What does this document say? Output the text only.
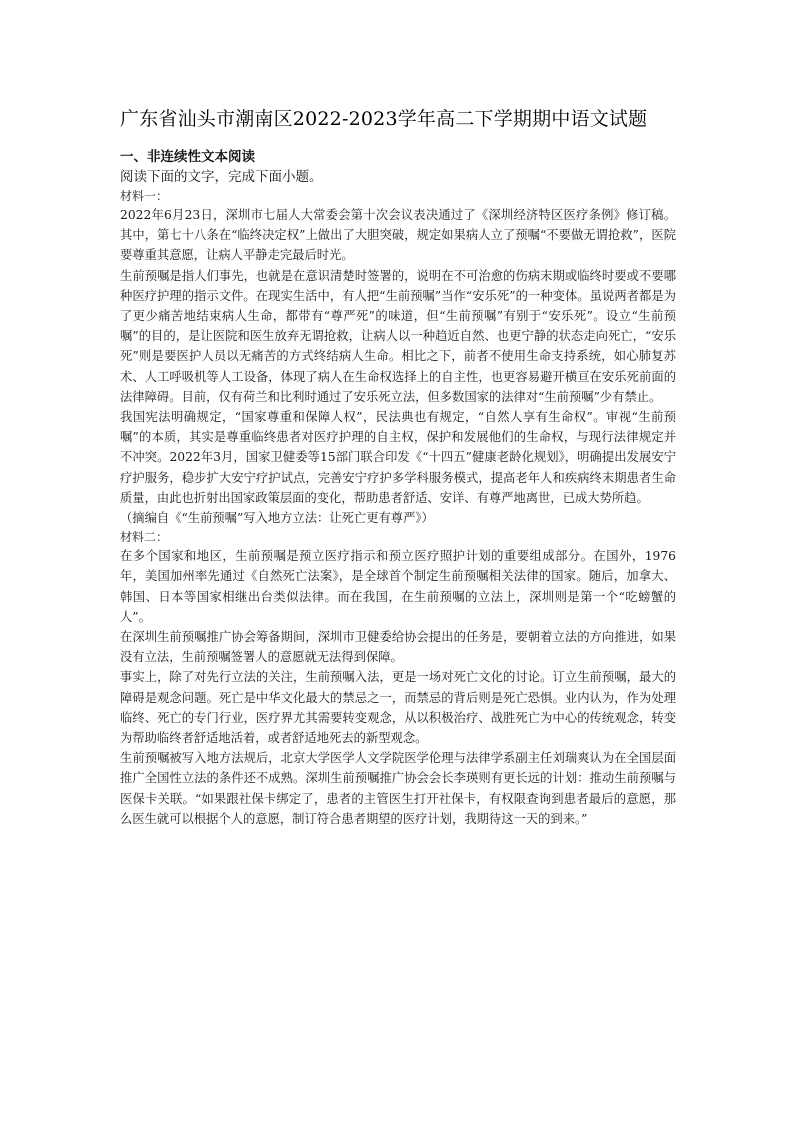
广东省汕头市潮南区2022-2023学年高二下学期期中语文试题
一、非连续性文本阅读
阅读下面的文字，完成下面小题。
材料一：

2022年6月23日，深圳市七届人大常委会第十次会议表决通过了《深圳经济特区医疗条例》修订稿。其中，第七十八条在“临终决定权”上做出了大胆突破，规定如果病人立了预嘱“不要做无谓抢救”，医院要尊重其意愿，让病人平静走完最后时光。

生前预嘱是指人们事先，也就是在意识清楚时签署的，说明在不可治愈的伤病末期或临终时要或不要哪种医疗护理的指示文件。在现实生活中，有人把“生前预嘱”当作“安乐死”的一种变体。虽说两者都是为了更少痛苦地结束病人生命，都带有“尊严死”的味道，但“生前预嘱”有别于“安乐死”。设立“生前预嘱”的目的，是让医院和医生放弃无谓抢救，让病人以一种趋近自然、也更宁静的状态走向死亡，“安乐死”则是要医护人员以无痛苦的方式终结病人生命。相比之下，前者不使用生命支持系统，如心肺复苏术、人工呼吸机等人工设备，体现了病人在生命权选择上的自主性，也更容易避开横亘在安乐死前面的法律障碍。目前，仅有荷兰和比利时通过了安乐死立法，但多数国家的法律对“生前预嘱”少有禁止。

我国宪法明确规定，“国家尊重和保障人权”，民法典也有规定，“自然人享有生命权”。审视“生前预嘱”的本质，其实是尊重临终患者对医疗护理的自主权，保护和发展他们的生命权，与现行法律规定并不冲突。2022年3月，国家卫健委等15部门联合印发《“十四五”健康老龄化规划》，明确提出发展安宁疗护服务，稳步扩大安宁疗护试点，完善安宁疗护多学科服务模式，提高老年人和疾病终末期患者生命质量，由此也折射出国家政策层面的变化，帮助患者舒适、安详、有尊严地离世，已成大势所趋。

（摘编自《“生前预嘱”写入地方立法：让死亡更有尊严》）
材料二：

在多个国家和地区，生前预嘱是预立医疗指示和预立医疗照护计划的重要组成部分。在国外，1976年，美国加州率先通过《自然死亡法案》，是全球首个制定生前预嘱相关法律的国家。随后，加拿大、韩国、日本等国家相继出台类似法律。而在我国，在生前预嘱的立法上，深圳则是第一个“吃螃蟹的人”。

在深圳生前预嘱推广协会筹备期间，深圳市卫健委给协会提出的任务是，要朝着立法的方向推进，如果没有立法，生前预嘱签署人的意愿就无法得到保障。

事实上，除了对先行立法的关注，生前预嘱入法，更是一场对死亡文化的讨论。订立生前预嘱，最大的障碍是观念问题。死亡是中华文化最大的禁忌之一，而禁忌的背后则是死亡恐惧。业内认为，作为处理临终、死亡的专门行业，医疗界尤其需要转变观念，从以积极治疗、战胜死亡为中心的传统观念，转变为帮助临终者舒适地活着，或者舒适地死去的新型观念。

生前预嘱被写入地方法规后，北京大学医学人文学院医学伦理与法律学系副主任刘瑞爽认为在全国层面推广全国性立法的条件还不成熟。深圳生前预嘱推广协会会长李瑛则有更长远的计划：推动生前预嘱与医保卡关联。“如果跟社保卡绑定了，患者的主管医生打开社保卡，有权限查询到患者最后的意愿，那么医生就可以根据个人的意愿，制订符合患者期望的医疗计划，我期待这一天的到来。”
